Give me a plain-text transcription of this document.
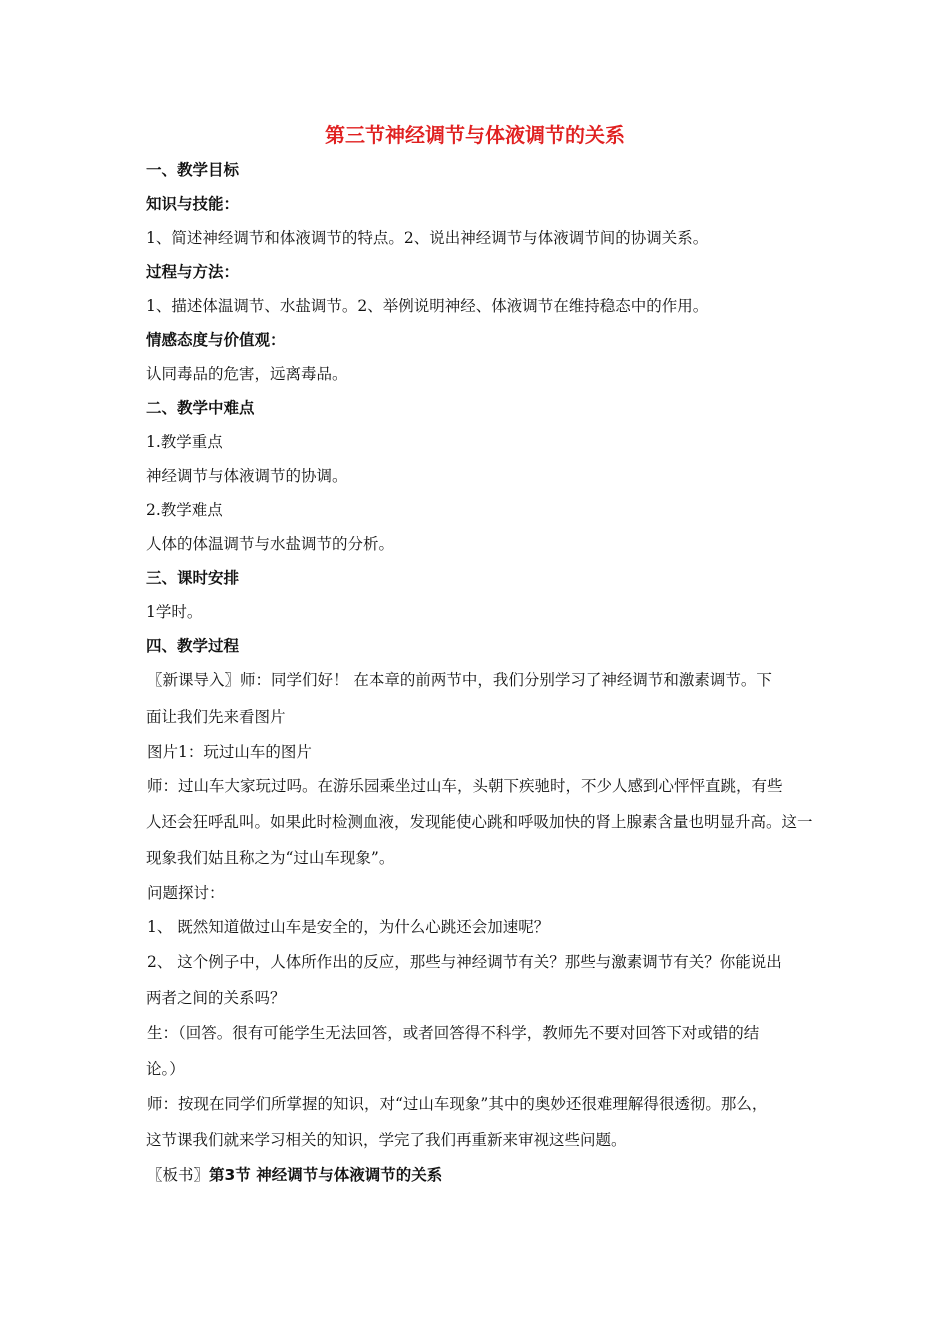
第三节神经调节与体液调节的关系

一、教学目标

知识与技能：

1、简述神经调节和体液调节的特点。2、说出神经调节与体液调节间的协调关系。

过程与方法：

1、描述体温调节、水盐调节。2、举例说明神经、体液调节在维持稳态中的作用。

情感态度与价值观：

认同毒品的危害，远离毒品。

二、教学中难点

1.教学重点

神经调节与体液调节的协调。

2.教学难点

人体的体温调节与水盐调节的分析。

三、课时安排

1学时。

四、教学过程

〖新课导入〗师：同学们好！ 在本章的前两节中，我们分别学习了神经调节和激素调节。下

面让我们先来看图片

图片1：玩过山车的图片

师：过山车大家玩过吗。在游乐园乘坐过山车，头朝下疾驰时，不少人感到心怦怦直跳，有些

人还会狂呼乱叫。如果此时检测血液，发现能使心跳和呼吸加快的肾上腺素含量也明显升高。这一

现象我们姑且称之为“过山车现象”。

问题探讨：

1、 既然知道做过山车是安全的，为什么心跳还会加速呢？

2、 这个例子中，人体所作出的反应，那些与神经调节有关？那些与激素调节有关？你能说出

两者之间的关系吗？

生：（回答。很有可能学生无法回答，或者回答得不科学，教师先不要对回答下对或错的结

论。）

师：按现在同学们所掌握的知识，对“过山车现象”其中的奥妙还很难理解得很透彻。那么，

这节课我们就来学习相关的知识，学完了我们再重新来审视这些问题。

〖板书〗第3节 神经调节与体液调节的关系
